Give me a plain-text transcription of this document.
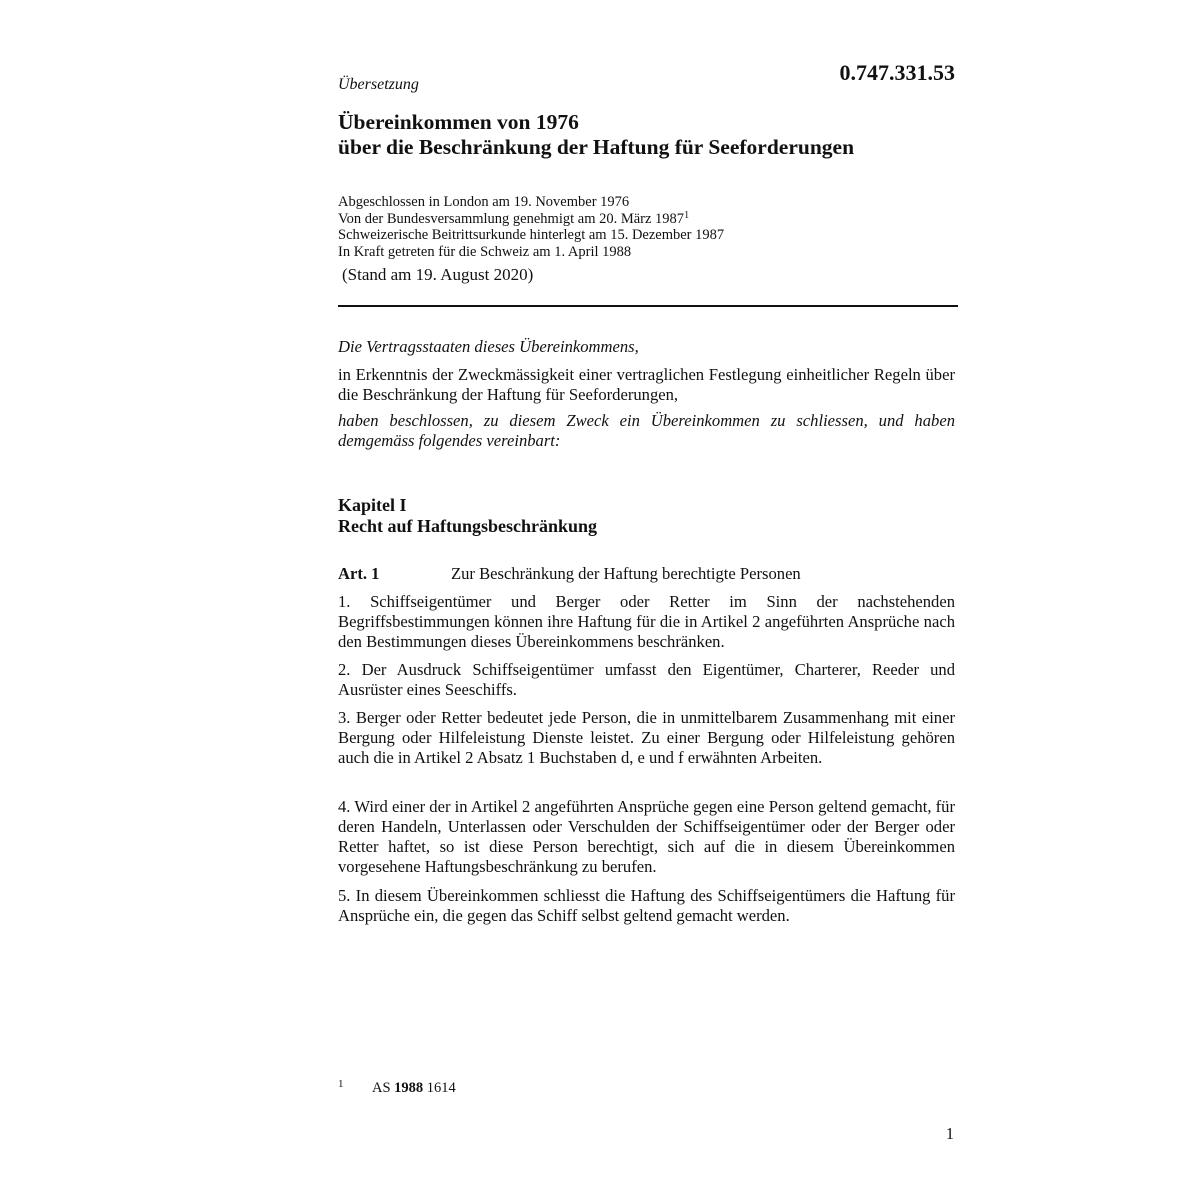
0.747.331.53
Übersetzung
Übereinkommen von 1976
über die Beschränkung der Haftung für Seeforderungen
Abgeschlossen in London am 19. November 1976
Von der Bundesversammlung genehmigt am 20. März 1987$^1$
Schweizerische Beitrittsurkunde hinterlegt am 15. Dezember 1987
In Kraft getreten für die Schweiz am 1. April 1988
(Stand am 19. August 2020)
Die Vertragsstaaten dieses Übereinkommens,
in Erkenntnis der Zweckmässigkeit einer vertraglichen Festlegung einheitlicher Regeln über die Beschränkung der Haftung für Seeforderungen,
haben beschlossen, zu diesem Zweck ein Übereinkommen zu schliessen, und haben demgemäss folgendes vereinbart:
Kapitel I
Recht auf Haftungsbeschränkung
Art. 1	Zur Beschränkung der Haftung berechtigte Personen
1. Schiffseigentümer und Berger oder Retter im Sinn der nachstehenden Begriffsbestimmungen können ihre Haftung für die in Artikel 2 angeführten Ansprüche nach den Bestimmungen dieses Übereinkommens beschränken.
2. Der Ausdruck Schiffseigentümer umfasst den Eigentümer, Charterer, Reeder und Ausrüster eines Seeschiffs.
3. Berger oder Retter bedeutet jede Person, die in unmittelbarem Zusammenhang mit einer Bergung oder Hilfeleistung Dienste leistet. Zu einer Bergung oder Hilfeleistung gehören auch die in Artikel 2 Absatz 1 Buchstaben d, e und f erwähnten Arbeiten.
4. Wird einer der in Artikel 2 angeführten Ansprüche gegen eine Person geltend gemacht, für deren Handeln, Unterlassen oder Verschulden der Schiffseigentümer oder der Berger oder Retter haftet, so ist diese Person berechtigt, sich auf die in diesem Übereinkommen vorgesehene Haftungsbeschränkung zu berufen.
5. In diesem Übereinkommen schliesst die Haftung des Schiffseigentümers die Haftung für Ansprüche ein, die gegen das Schiff selbst geltend gemacht werden.
1 AS 1988 1614
1
